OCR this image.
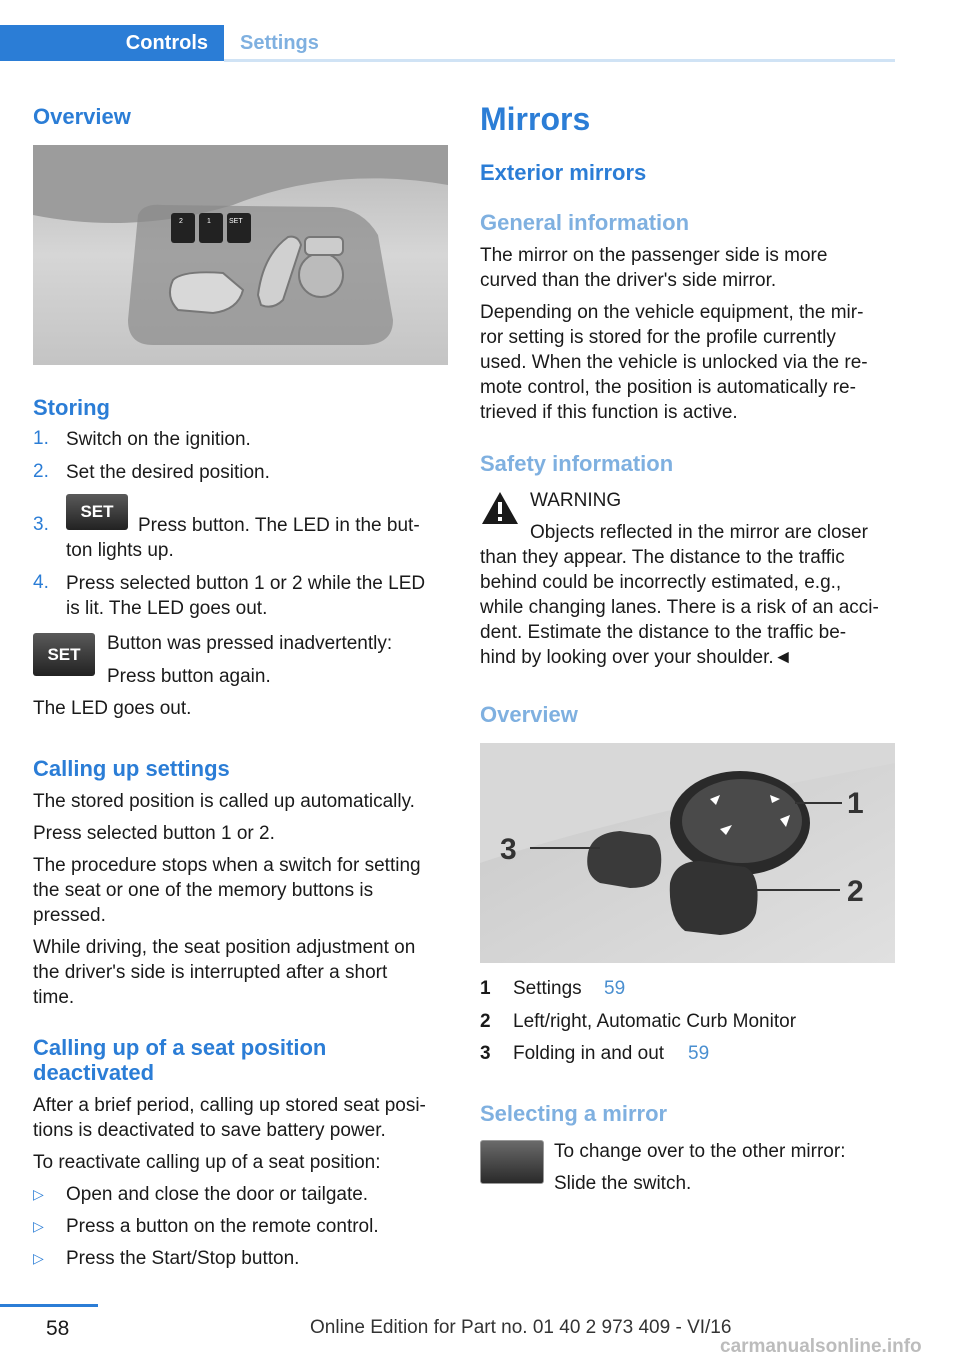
Controls	Settings
Overview
2	1	SET
Storing
1. Switch on the ignition.
2. Set the desired position.
3.
SET
Press button. The LED in the but‐
ton lights up.
4. Press selected button 1 or 2 while the LED
is lit. The LED goes out.
SET	Button was pressed inadvertently:
Press button again.
The LED goes out.
Calling up settings
The stored position is called up automatically.
Press selected button 1 or 2.
The procedure stops when a switch for setting
the seat or one of the memory buttons is
pressed.
While driving, the seat position adjustment on
the driver's side is interrupted after a short
time.
Calling up of a seat position
deactivated
After a brief period, calling up stored seat posi‐
tions is deactivated to save battery power.
To reactivate calling up of a seat position:
▷ Open and close the door or tailgate.
▷ Press a button on the remote control.
▷ Press the Start/Stop button.
Mirrors
Exterior mirrors
General information
The mirror on the passenger side is more
curved than the driver's side mirror.
Depending on the vehicle equipment, the mir‐
ror setting is stored for the profile currently
used. When the vehicle is unlocked via the re‐
mote control, the position is automatically re‐
trieved if this function is active.
Safety information
WARNING
Objects reflected in the mirror are closer
than they appear. The distance to the traffic
behind could be incorrectly estimated, e.g.,
while changing lanes. There is a risk of an acci‐
dent. Estimate the distance to the traffic be‐
hind by looking over your shoulder.◄
Overview
1
2
3
1 Settings 59
2 Left/right, Automatic Curb Monitor
3 Folding in and out 59
Selecting a mirror
To change over to the other mirror:
Slide the switch.
58	Online Edition for Part no. 01 40 2 973 409 - VI/16
carmanualsonline.info
